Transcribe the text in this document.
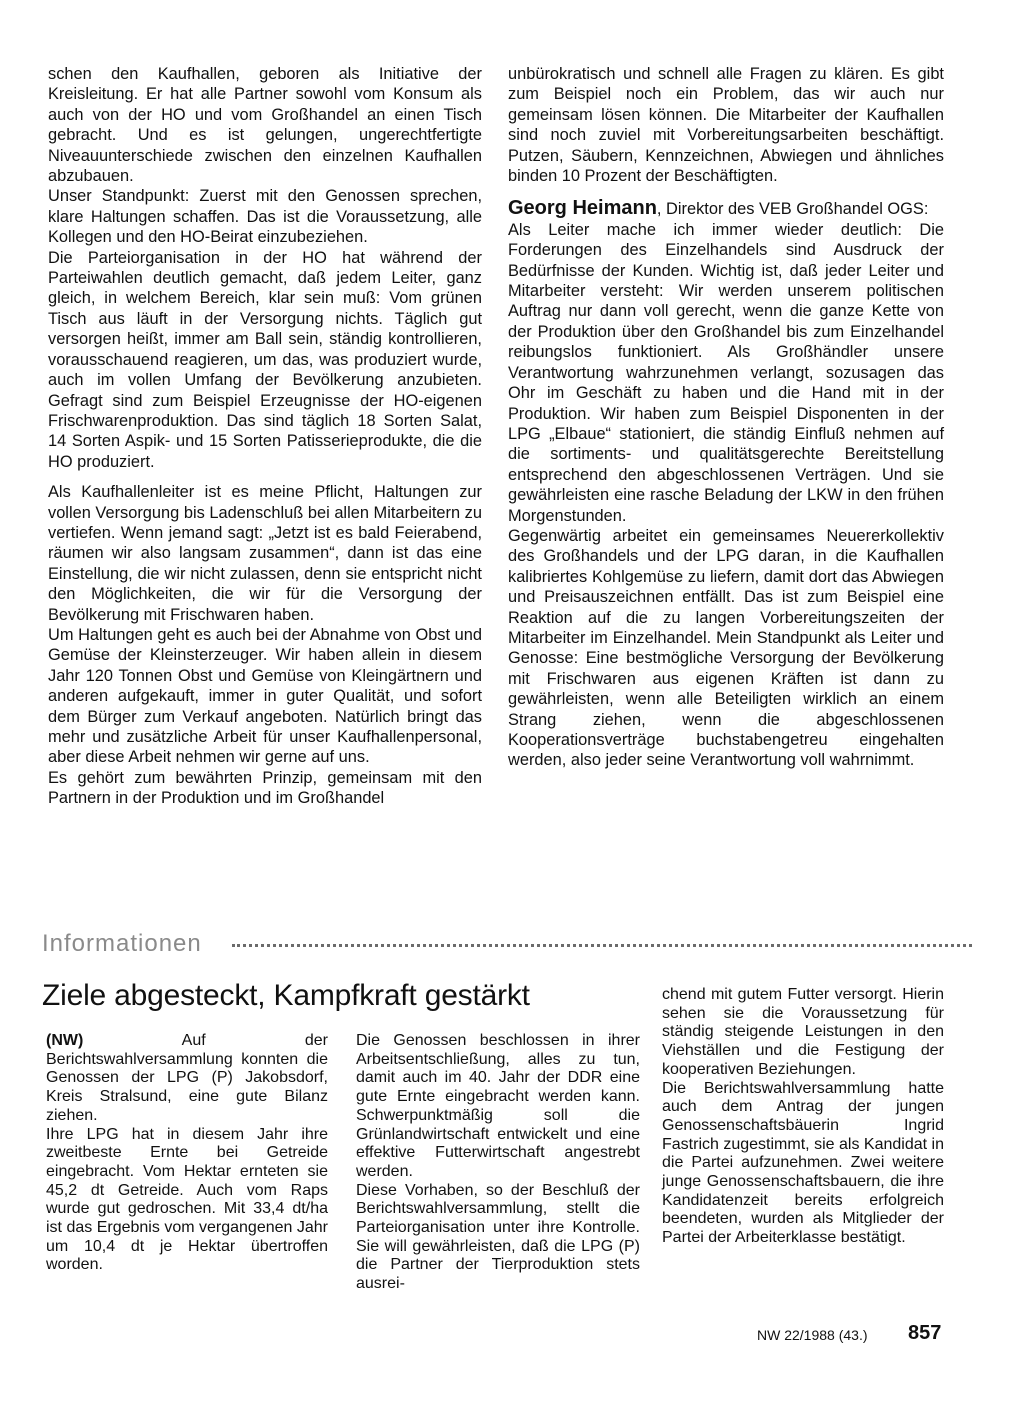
schen den Kaufhallen, geboren als Initiative der Kreisleitung. Er hat alle Partner sowohl vom Konsum als auch von der HO und vom Großhandel an einen Tisch gebracht. Und es ist gelungen, ungerechtfertigte Niveauunterschiede zwischen den einzelnen Kaufhallen abzubauen.

Unser Standpunkt: Zuerst mit den Genossen sprechen, klare Haltungen schaffen. Das ist die Voraussetzung, alle Kollegen und den HO-Beirat einzubeziehen.

Die Parteiorganisation in der HO hat während der Parteiwahlen deutlich gemacht, daß jedem Leiter, ganz gleich, in welchem Bereich, klar sein muß: Vom grünen Tisch aus läuft in der Versorgung nichts. Täglich gut versorgen heißt, immer am Ball sein, ständig kontrollieren, vorausschauend reagieren, um das, was produziert wurde, auch im vollen Umfang der Bevölkerung anzubieten. Gefragt sind zum Beispiel Erzeugnisse der HO-eigenen Frischwarenproduktion. Das sind täglich 18 Sorten Salat, 14 Sorten Aspik- und 15 Sorten Patisserieprodukte, die die HO produziert.

Als Kaufhallenleiter ist es meine Pflicht, Haltungen zur vollen Versorgung bis Ladenschluß bei allen Mitarbeitern zu vertiefen. Wenn jemand sagt: „Jetzt ist es bald Feierabend, räumen wir also langsam zusammen“, dann ist das eine Einstellung, die wir nicht zulassen, denn sie entspricht nicht den Möglichkeiten, die wir für die Versorgung der Bevölkerung mit Frischwaren haben.

Um Haltungen geht es auch bei der Abnahme von Obst und Gemüse der Kleinsterzeuger. Wir haben allein in diesem Jahr 120 Tonnen Obst und Gemüse von Kleingärtnern und anderen aufgekauft, immer in guter Qualität, und sofort dem Bürger zum Verkauf angeboten. Natürlich bringt das mehr und zusätzliche Arbeit für unser Kaufhallenpersonal, aber diese Arbeit nehmen wir gerne auf uns.

Es gehört zum bewährten Prinzip, gemeinsam mit den Partnern in der Produktion und im Großhandel

unbürokratisch und schnell alle Fragen zu klären. Es gibt zum Beispiel noch ein Problem, das wir auch nur gemeinsam lösen können. Die Mitarbeiter der Kaufhallen sind noch zuviel mit Vorbereitungsarbeiten beschäftigt. Putzen, Säubern, Kennzeichnen, Abwiegen und ähnliches binden 10 Prozent der Beschäftigten.

Georg Heimann, Direktor des VEB Großhandel OGS:

Als Leiter mache ich immer wieder deutlich: Die Forderungen des Einzelhandels sind Ausdruck der Bedürfnisse der Kunden. Wichtig ist, daß jeder Leiter und Mitarbeiter versteht: Wir werden unserem politischen Auftrag nur dann voll gerecht, wenn die ganze Kette von der Produktion über den Großhandel bis zum Einzelhandel reibungslos funktioniert. Als Großhändler unsere Verantwortung wahrzunehmen verlangt, sozusagen das Ohr im Geschäft zu haben und die Hand mit in der Produktion. Wir haben zum Beispiel Disponenten in der LPG „Elbaue“ stationiert, die ständig Einfluß nehmen auf die sortiments- und qualitätsgerechte Bereitstellung entsprechend den abgeschlossenen Verträgen. Und sie gewährleisten eine rasche Beladung der LKW in den frühen Morgenstunden.

Gegenwärtig arbeitet ein gemeinsames Neuererkollektiv des Großhandels und der LPG daran, in die Kaufhallen kalibriertes Kohlgemüse zu liefern, damit dort das Abwiegen und Preisauszeichnen entfällt. Das ist zum Beispiel eine Reaktion auf die zu langen Vorbereitungszeiten der Mitarbeiter im Einzelhandel. Mein Standpunkt als Leiter und Genosse: Eine bestmögliche Versorgung der Bevölkerung mit Frischwaren aus eigenen Kräften ist dann zu gewährleisten, wenn alle Beteiligten wirklich an einem Strang ziehen, wenn die abgeschlossenen Kooperationsverträge buchstabengetreu eingehalten werden, also jeder seine Verantwortung voll wahrnimmt.

Informationen
Ziele abgesteckt, Kampfkraft gestärkt

(NW) Auf der Berichtswahlversammlung konnten die Genossen der LPG (P) Jakobsdorf, Kreis Stralsund, eine gute Bilanz ziehen.

Ihre LPG hat in diesem Jahr ihre zweitbeste Ernte bei Getreide eingebracht. Vom Hektar ernteten sie 45,2 dt Getreide. Auch vom Raps wurde gut gedroschen. Mit 33,4 dt/ha ist das Ergebnis vom vergangenen Jahr um 10,4 dt je Hektar übertroffen worden.

Die Genossen beschlossen in ihrer Arbeitsentschließung, alles zu tun, damit auch im 40. Jahr der DDR eine gute Ernte eingebracht werden kann. Schwerpunktmäßig soll die Grünlandwirtschaft entwickelt und eine effektive Futterwirtschaft angestrebt werden.

Diese Vorhaben, so der Beschluß der Berichtswahlversammlung, stellt die Parteiorganisation unter ihre Kontrolle. Sie will gewährleisten, daß die LPG (P) die Partner der Tierproduktion stets ausrei-

chend mit gutem Futter versorgt. Hierin sehen sie die Voraussetzung für ständig steigende Leistungen in den Viehställen und die Festigung der kooperativen Beziehungen.

Die Berichtswahlversammlung hatte auch dem Antrag der jungen Genossenschaftsbäuerin Ingrid Fastrich zugestimmt, sie als Kandidat in die Partei aufzunehmen. Zwei weitere junge Genossenschaftsbauern, die ihre Kandidatenzeit bereits erfolgreich beendeten, wurden als Mitglieder der Partei der Arbeiterklasse bestätigt.

NW 22/1988 (43.) 857
